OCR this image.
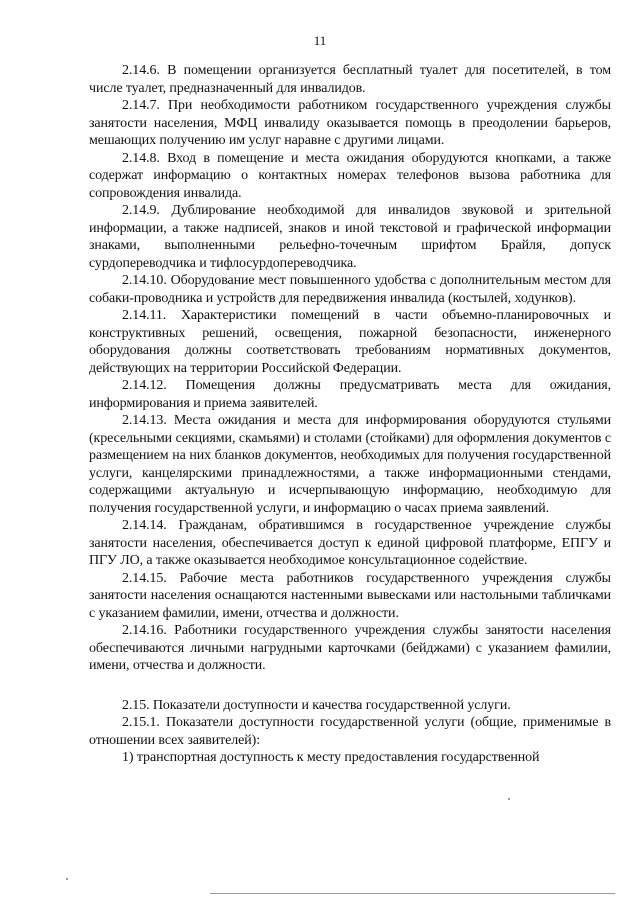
11

2.14.6. В помещении организуется бесплатный туалет для посетителей, в том числе туалет, предназначенный для инвалидов.

2.14.7. При необходимости работником государственного учреждения службы занятости населения, МФЦ инвалиду оказывается помощь в преодолении барьеров, мешающих получению им услуг наравне с другими лицами.

2.14.8. Вход в помещение и места ожидания оборудуются кнопками, а также содержат информацию о контактных номерах телефонов вызова работника для сопровождения инвалида.

2.14.9. Дублирование необходимой для инвалидов звуковой и зрительной информации, а также надписей, знаков и иной текстовой и графической информации знаками, выполненными рельефно-точечным шрифтом Брайля, допуск сурдопереводчика и тифлосурдопереводчика.

2.14.10. Оборудование мест повышенного удобства с дополнительным местом для собаки-проводника и устройств для передвижения инвалида (костылей, ходунков).

2.14.11. Характеристики помещений в части объемно-планировочных и конструктивных решений, освещения, пожарной безопасности, инженерного оборудования должны соответствовать требованиям нормативных документов, действующих на территории Российской Федерации.

2.14.12. Помещения должны предусматривать места для ожидания, информирования и приема заявителей.

2.14.13. Места ожидания и места для информирования оборудуются стульями (кресельными секциями, скамьями) и столами (стойками) для оформления документов с размещением на них бланков документов, необходимых для получения государственной услуги, канцелярскими принадлежностями, а также информационными стендами, содержащими актуальную и исчерпывающую информацию, необходимую для получения государственной услуги, и информацию о часах приема заявлений.

2.14.14. Гражданам, обратившимся в государственное учреждение службы занятости населения, обеспечивается доступ к единой цифровой платформе, ЕПГУ и ПГУ ЛО, а также оказывается необходимое консультационное содействие.

2.14.15. Рабочие места работников государственного учреждения службы занятости населения оснащаются настенными вывесками или настольными табличками с указанием фамилии, имени, отчества и должности.

2.14.16. Работники государственного учреждения службы занятости населения обеспечиваются личными нагрудными карточками (бейджами) с указанием фамилии, имени, отчества и должности.

2.15. Показатели доступности и качества государственной услуги.

2.15.1. Показатели доступности государственной услуги (общие, применимые в отношении всех заявителей):

1) транспортная доступность к месту предоставления государственной
